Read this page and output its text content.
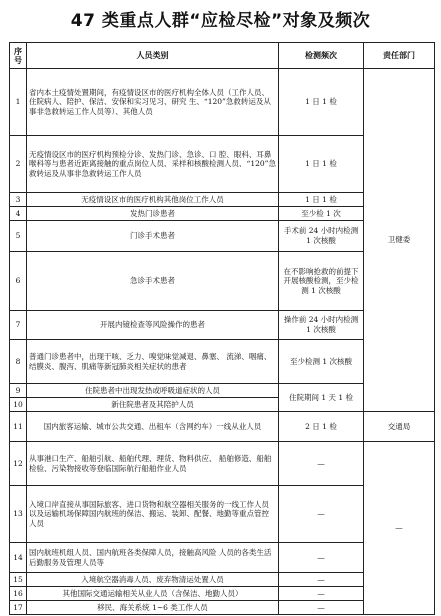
47 类重点人群“应检尽检”对象及频次
序号	人员类别	检测频次	责任部门
1	省内本土疫情处置期间，有疫情设区市的医疗机构全体人员（工作人员、住院病人、陪护、保洁、安保和实习见习、研究 生、“120”急救转运及从事非急救转运工作人员等）、其他人员	1 日 1 检	卫健委
2	无疫情设区市的医疗机构预检分诊、发热门诊、急诊、口 腔、眼科、耳鼻喉科等与患者近距离接触的重点岗位人员、采样和核酸检测人员、“120”急救转运及从事非急救转运工作人员	1 日 1 检	
3	无疫情设区市的医疗机构其他岗位工作人员	1 日 1 检	
4	发热门诊患者	至少检 1 次	
5	门诊手术患者	手术前 24 小时内检测 1 次核酸	
6	急诊手术患者	在不影响抢救的前提下开展核酸检测，至少检测 1 次核酸	
7	开展内镜检查等风险操作的患者	操作前 24 小时内检测 1 次核酸	
8	普通门诊患者中，出现干咳、乏力、嗅觉味觉减退、鼻塞、 流涕、咽痛、结膜炎、腹泻、肌痛等新冠肺炎相关症状的患者	至少检测 1 次核酸	
9	住院患者中出现发热或呼吸道症状的人员	住院期间 1 天 1 检	
10	新住院患者及其陪护人员		
11	国内旅客运输、城市公共交通、出租车（含网约车）一线从业人员	2 日 1 检	交通局
12	从事港口生产、船舶引航、船舶代理、理货、物料供应、 船舶修造、船舶检验、污染物接收等登临国际航行船舶作业人员	—	—
13	入境口岸直接从事国际旅客、进口货物和航空器相关服务的一线工作人员以及运输机场保障国内航班的保洁、搬运、装卸、配餐、地勤等重点管控人员	—	
14	国内航班机组人员、国内航班各类保障人员，接触高风险 人员的各类生活后勤服务及管理人员等	—	
15	入境航空器消毒人员、废弃物清运处置人员	—	
16	其他国际交通运输相关从业人员（含保洁、地勤人员）	—	
17	移民、海关系统 1~6 类工作人员	—	
